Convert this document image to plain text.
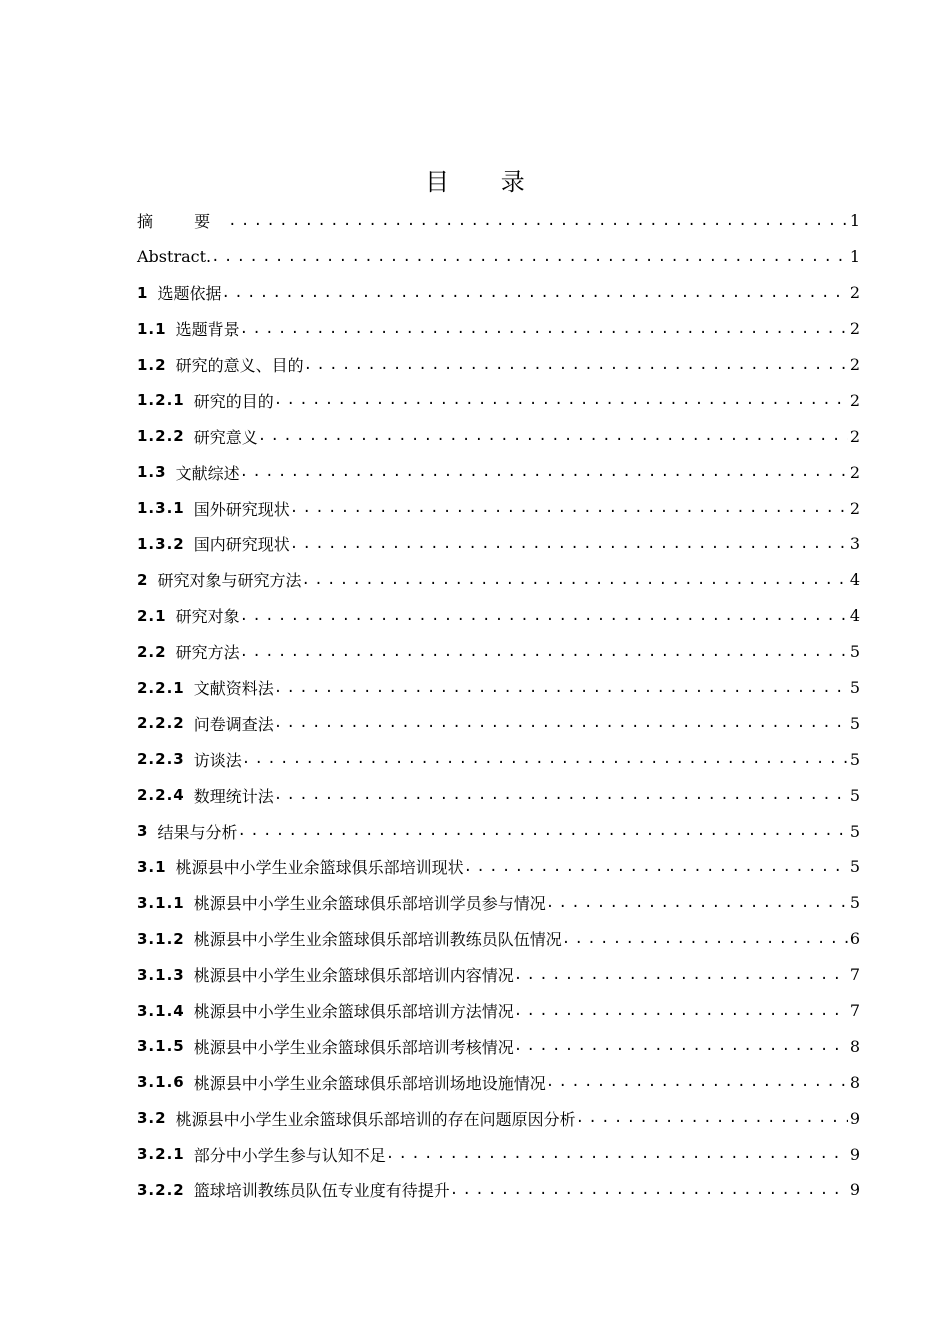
目 录
摘 要 . . .	1
Abstract. . . .	1
1 选题依据 . . .	2
1.1 选题背景 . . .	2
1.2 研究的意义、目的 . . .	2
1.2.1 研究的目的 . . .	2
1.2.2 研究意义 . . .	2
1.3 文献综述 . . .	2
1.3.1 国外研究现状 . . .	2
1.3.2 国内研究现状 . . .	3
2 研究对象与研究方法 . . .	4
2.1 研究对象 . . .	4
2.2 研究方法 . . .	5
2.2.1 文献资料法 . . .	5
2.2.2 问卷调查法 . . .	5
2.2.3 访谈法 . . .	5
2.2.4 数理统计法 . . .	5
3 结果与分析 . . .	5
3.1 桃源县中小学生业余篮球俱乐部培训现状 . . .	5
3.1.1 桃源县中小学生业余篮球俱乐部培训学员参与情况 . . .	5
3.1.2 桃源县中小学生业余篮球俱乐部培训教练员队伍情况 . . .	6
3.1.3 桃源县中小学生业余篮球俱乐部培训内容情况 . . .	7
3.1.4 桃源县中小学生业余篮球俱乐部培训方法情况 . . .	7
3.1.5 桃源县中小学生业余篮球俱乐部培训考核情况 . . .	8
3.1.6 桃源县中小学生业余篮球俱乐部培训场地设施情况 . . .	8
3.2 桃源县中小学生业余篮球俱乐部培训的存在问题原因分析 . . .	9
3.2.1 部分中小学生参与认知不足 . . .	9
3.2.2 篮球培训教练员队伍专业度有待提升 . . .	9
